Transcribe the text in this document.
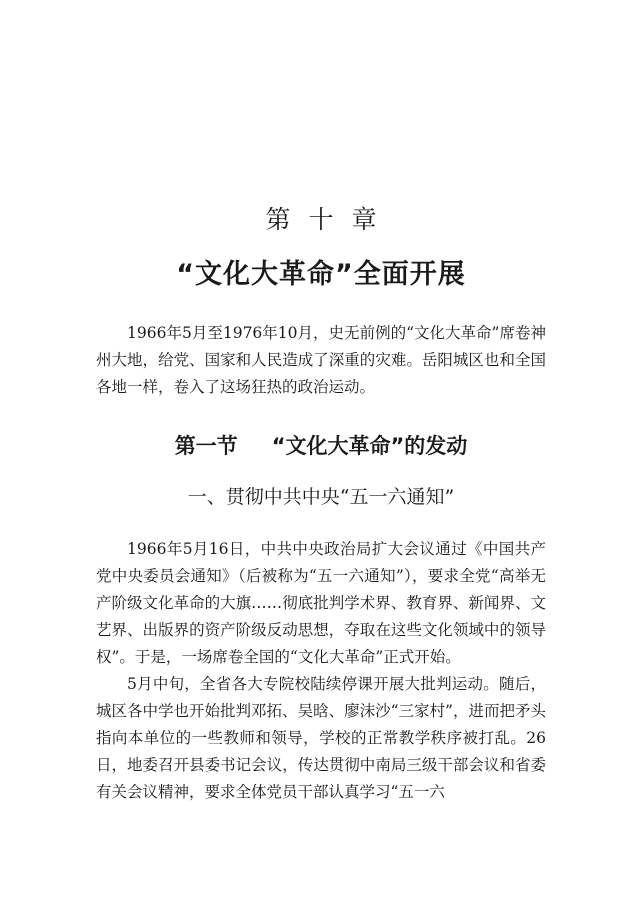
第十章
“文化大革命”全面开展

1966年5月至1976年10月，史无前例的“文化大革命”席卷神州大地，给党、国家和人民造成了深重的灾难。岳阳城区也和全国各地一样，卷入了这场狂热的政治运动。

第一节 “文化大革命”的发动
一、贯彻中共中央“五一六通知”

1966年5月16日，中共中央政治局扩大会议通过《中国共产党中央委员会通知》（后被称为“五一六通知”），要求全党“高举无产阶级文化革命的大旗……彻底批判学术界、教育界、新闻界、文艺界、出版界的资产阶级反动思想，夺取在这些文化领域中的领导权”。于是，一场席卷全国的“文化大革命”正式开始。

5月中旬，全省各大专院校陆续停课开展大批判运动。随后，城区各中学也开始批判邓拓、吴晗、廖沫沙“三家村”，进而把矛头指向本单位的一些教师和领导，学校的正常教学秩序被打乱。26日，地委召开县委书记会议，传达贯彻中南局三级干部会议和省委有关会议精神，要求全体党员干部认真学习“五一六
